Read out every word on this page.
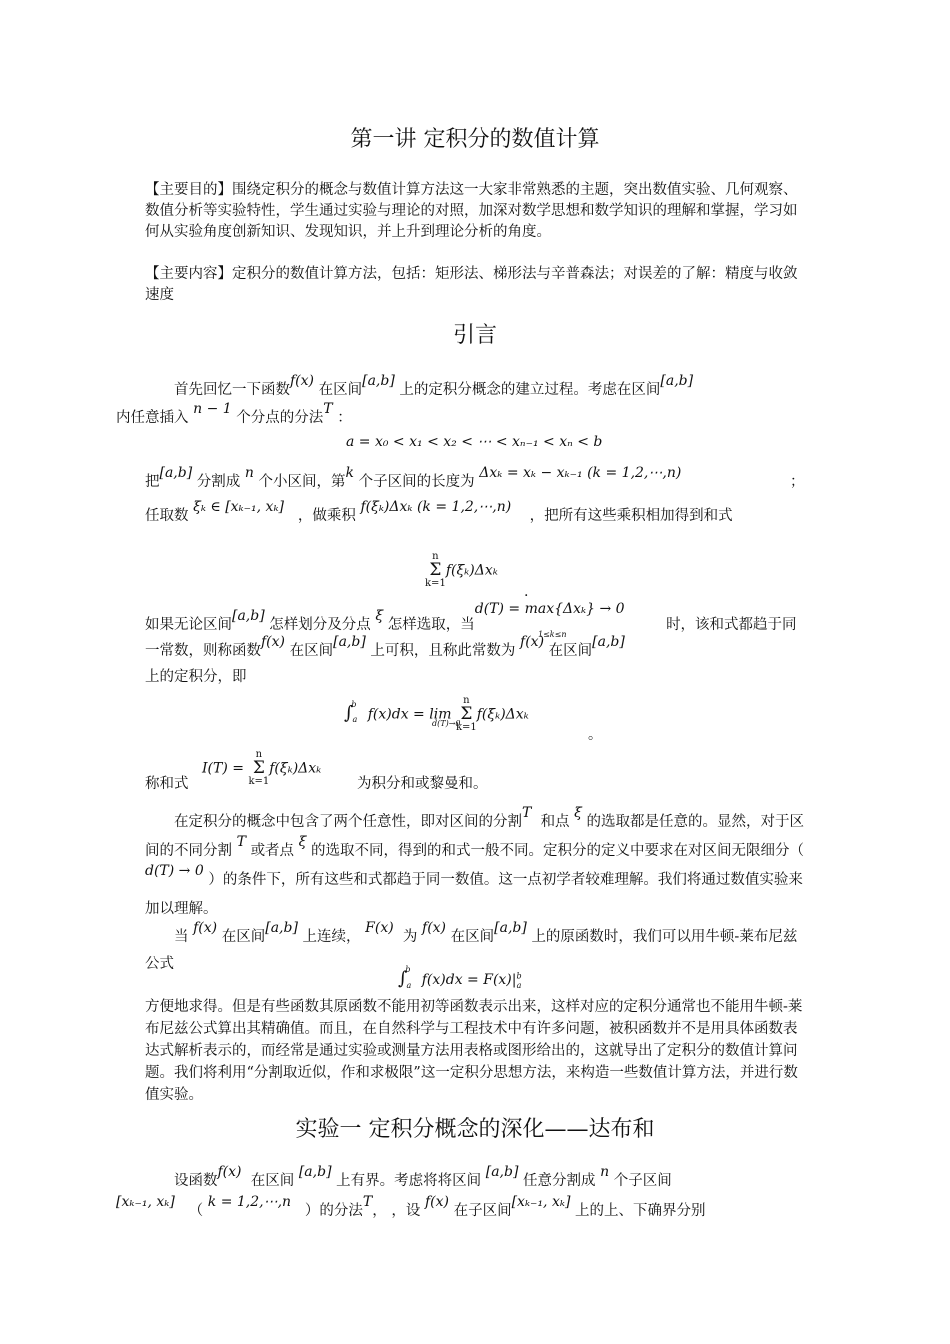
第一讲 定积分的数值计算
【主要目的】围绕定积分的概念与数值计算方法这一大家非常熟悉的主题，突出数值实验、几何观察、数值分析等实验特性，学生通过实验与理论的对照，加深对数学思想和数学知识的理解和掌握，学习如何从实验角度创新知识、发现知识，并上升到理论分析的角度。
【主要内容】定积分的数值计算方法，包括：矩形法、梯形法与辛普森法；对误差的了解：精度与收敛速度
引言
首先回忆一下函数f(x) 在区间[a,b] 上的定积分概念的建立过程。考虑在区间[a,b]
内任意插入 n − 1 个分点的分法T ：
a = x₀ < x₁ < x₂ < ⋯ < xₙ₋₁ < xₙ < b
把[a,b] 分割成 n 个小区间，第k 个子区间的长度为 Δxₖ = xₖ − xₖ₋₁ (k = 1,2,⋯,n)
；
任取数 ξₖ ∈ [xₖ₋₁, xₖ]   ，做乘积 f(ξₖ)Δxₖ (k = 1,2,⋯,n)    ，把所有这些乘积相加得到和式
n
Σ
k=1f(ξₖ)Δxₖ
.
如果无论区间[a,b] 怎样划分及分点 ξ 怎样选取，当d(T) = max{Δxₖ} → 0         时，该和式都趋于同一常数，则称函数f(x) 在区间[a,b] 上可积，且称此常数为 f(x) 在区间[a,b]
上的定积分，即
1≤k≤n
∫$^b_a$ f(x)dx = lim n
Σ
k=1f(ξₖ)Δxₖ
d(T)→0
。
I(T) = n
Σ
k=1f(ξₖ)Δxₖ
称和式	为积分和或黎曼和。
在定积分的概念中包含了两个任意性，即对区间的分割T  和点 ξ 的选取都是任意的。显然，对于区间的不同分割 T 或者点 ξ 的选取不同，得到的和式一般不同。定积分的定义中要求在对区间无限细分（ d(T) → 0 ）的条件下，所有这些和式都趋于同一数值。这一点初学者较难理解。我们将通过数值实验来加以理解。
当 f(x) 在区间[a,b] 上连续， F(x)  为 f(x) 在区间[a,b] 上的原函数时，我们可以用牛顿-莱布尼兹公式
∫$^b_a$ $f(x)dx = F(x)|^b_a$
方便地求得。但是有些函数其原函数不能用初等函数表示出来，这样对应的定积分通常也不能用牛顿-莱布尼兹公式算出其精确值。而且，在自然科学与工程技术中有许多问题，被积函数并不是用具体函数表达式解析表示的，而经常是通过实验或测量方法用表格或图形给出的，这就导出了定积分的数值计算问题。我们将利用“分割取近似，作和求极限”这一定积分思想方法，来构造一些数值计算方法，并进行数值实验。
实验一 定积分概念的深化——达布和
设函数f(x)  在区间 [a,b] 上有界。考虑将将区间 [a,b] 任意分割成 n 个子区间
[xₖ₋₁, xₖ]   （ k = 1,2,⋯,n   ）的分法T， ，设 f(x) 在子区间[xₖ₋₁, xₖ] 上的上、下确界分别
